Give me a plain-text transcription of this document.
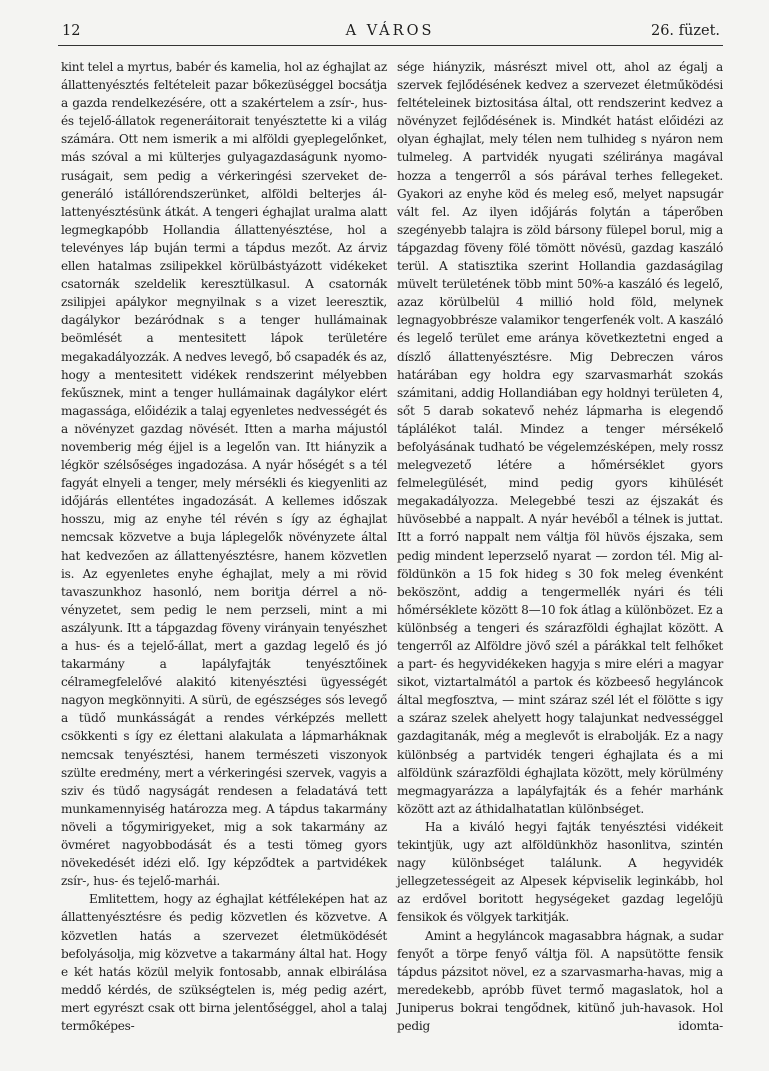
12	A VÁROS	26. füzet.

kint telel a myrtus, babér és kamelia, hol az éghajlat az állattenyésztés feltételeit pazar bőkezüséggel bocsátja a gazda rendelkezésére, ott a szakértelem a zsír-, hus- és tejelő-állatok regeneráitorait tenyésztette ki a világ számára. Ott nem ismerik a mi alföldi gyeplegelőnket, más szóval a mi külterjes gulyagazdaságunk nyomoruságait, sem pedig a vérkeringési szerveket degeneráló istállórendszerünket, alföldi belterjes állattenyésztésünk átkát. A tengeri éghajlat uralma alatt legmegkapóbb Hollandia állattenyésztése, hol a televényes láp buján termi a tápdus mezőt. Az árviz ellen hatalmas zsilipekkel körülbástyázott vidékeket csatornák szeldelik keresztülkasul. A csatornák zsilipjei apálykor megnyilnak s a vizet leeresztik, dagálykor bezáródnak s a tenger hullámainak beömlését a mentesitett lápok területére megakadályozzák. A nedves levegő, bő csapadék és az, hogy a mentesitett vidékek rendszerint mélyebben fekűsznek, mint a tenger hullámainak dagálykor elért magassága, előidézik a talaj egyenletes nedvességét és a növényzet gazdag növését. Itten a marha májustól novemberig még éjjel is a legelőn van. Itt hiányzik a légkör szélsőséges ingadozása. A nyár hőségét s a tél fagyát elnyeli a tenger, mely mérsékli és kiegyenliti az időjárás ellentétes ingadozását. A kellemes időszak hosszu, mig az enyhe tél révén s így az éghajlat nemcsak közvetve a buja láplegelők növényzete által hat kedvezően az állattenyésztésre, hanem közvetlen is. Az egyenletes enyhe éghajlat, mely a mi rövid tavaszunkhoz hasonló, nem boritja dérrel a növényzetet, sem pedig le nem perzseli, mint a mi aszályunk. Itt a tápgazdag föveny virányain tenyészhet a hus- és a tejelő-állat, mert a gazdag legelő és jó takarmány a lapályfajták tenyésztőinek célramegfelelővé alakitó kitenyésztési ügyességét nagyon megkönnyiti. A sürü, de egészséges sós levegő a tüdő munkásságát a rendes vérképzés mellett csökkenti s így ez élettani alakulata a lápmarháknak nemcsak tenyésztési, hanem természeti viszonyok szülte eredmény, mert a vérkeringési szervek, vagyis a sziv és tüdő nagyságát rendesen a feladatává tett munkamennyiség határozza meg. A tápdus takarmány növeli a tőgymirigyeket, mig a sok takarmány az övméret nagyobbodását és a testi tömeg gyors növekedését idézi elő. Igy képződtek a partvidékek zsír-, hus- és tejelő-marhái.

Emlitettem, hogy az éghajlat kétféleképen hat az állattenyésztésre és pedig közvetlen és közvetve. A közvetlen hatás a szervezet életmüködését befolyásolja, mig közvetve a takarmány által hat. Hogy e két hatás közül melyik fontosabb, annak elbirálása meddő kérdés, de szükségtelen is, még pedig azért, mert egyrészt csak ott birna jelentőséggel, ahol a talaj termőképes-

sége hiányzik, másrészt mivel ott, ahol az égalj a szervek fejlődésének kedvez a szervezet életműködési feltételeinek biztositása által, ott rendszerint kedvez a növényzet fejlődésének is. Mindkét hatást előidézi az olyan éghajlat, mely télen nem tulhideg s nyáron nem tulmeleg. A partvidék nyugati szélirányа magával hozza a tengerről a sós párával terhes fellegeket. Gyakori az enyhe köd és meleg eső, melyet napsugár vált fel. Az ilyen időjárás folytán a táperőben szegényebb talajra is zöld bársony fülepel borul, mig a tápgazdag föveny fölé tömött növésü, gazdag kaszáló terül. A statisztika szerint Hollandia gazdaságilag müvelt területének több mint 50%-a kaszáló és legelő, azaz körülbelül 4 millió hold föld, melynek legnagyobbrésze valamikor tengerfenék volt. A kaszáló és legelő terület eme aránya következtetni enged a díszlő állattenyésztésre. Mig Debreczen város határában egy holdra egy szarvasmarhát szokás számitani, addig Hollandiában egy holdnyi területen 4, sőt 5 darab sokatevő nehéz lápmarha is elegendő táplálékot talál. Mindez a tenger mérsékelő befolyásának tudható be végelemzésképen, mely rossz melegvezető létére a hőmérséklet gyors felmelegülését, mind pedig gyors kihülését megakadályozza. Melegebbé teszi az éjszakát és hüvösebbé a nappalt. A nyár hevéből a télnek is juttat. Itt a forró nappalt nem váltja föl hüvös éjszaka, sem pedig mindent leperzselő nyarat — zordon tél. Mig alföldünkön a 15 fok hideg s 30 fok meleg évenként beköszönt, addig a tengermellék nyári és téli hőmérséklete között 8—10 fok átlag a különbözet. Ez a különbség a tengeri és szárazföldi éghajlat között. A tengerről az Alföldre jövő szél a párákkal telt felhőket a part- és hegyvidékeken hagyja s mire eléri a magyar sikot, viztartalmától a partok és közbeeső hegyláncok által megfosztva, — mint száraz szél lét el fölötte s igy a száraz szelek ahelyett hogy talajunkat nedvességgel gazdagitanák, még a meglevőt is elrabolják. Ez a nagy különbség a partvidék tengeri éghajlata és a mi alföldünk szárazföldi éghajlata között, mely körülmény megmagyarázza a lapályfajták és a fehér marhánk között azt az áthidalhatatlan különbséget.

Ha a kiváló hegyi fajták tenyésztési vidékeit tekintjük, ugy azt alföldünkhöz hasonlitva, szintén nagy különbséget találunk. A hegyvidék jellegzetességeit az Alpesek képviselik leginkább, hol az erdővel boritott hegységeket gazdag legelőjü fensikok és völgyek tarkitják.

Amint a hegyláncok magasabbra hágnak, a sudar fenyőt a törpe fenyő váltja föl. A napsütötte fensik tápdus pázsitot növel, ez a szarvasmarha-havas, mig a meredekebb, apróbb füvet termő magaslatok, hol a Juniperus bokrai tengődnek, kitünő juh-havasok. Hol pedig idomta-
